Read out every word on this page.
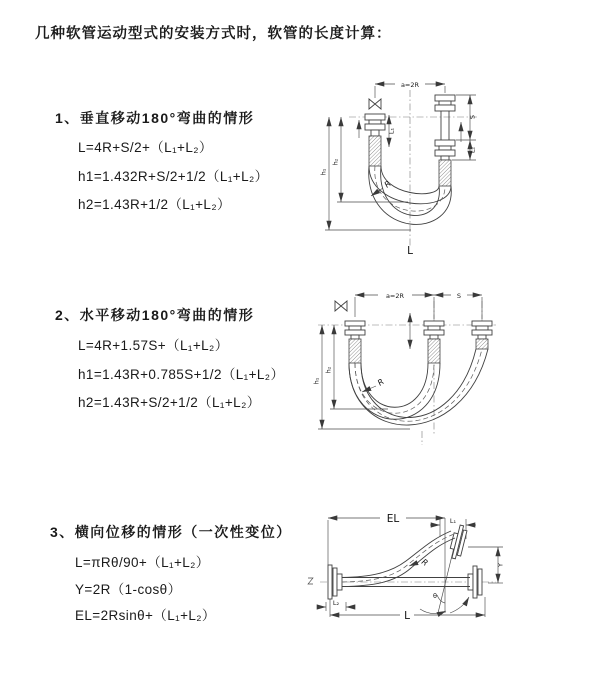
几种软管运动型式的安装方式时，软管的长度计算：
1、垂直移动180°弯曲的情形
L=4R+S/2+（L₁+L₂）
h1=1.432R+S/2+1/2（L₁+L₂）
h2=1.43R+1/2（L₁+L₂）
2、水平移动180°弯曲的情形
L=4R+1.57S+（L₁+L₂）
h1=1.43R+0.785S+1/2（L₁+L₂）
h2=1.43R+S/2+1/2（L₁+L₂）
3、横向位移的情形（一次性变位）
L=πRθ/90+（L₁+L₂）
Y=2R（1-cosθ）
EL=2Rsinθ+（L₁+L₂）
a=2R
L₁
S
L₂
h₂
h₁
R
L
a=2R	S
h₂
h₁	R
EL	L₁
θ
Y
R
L₂
L
